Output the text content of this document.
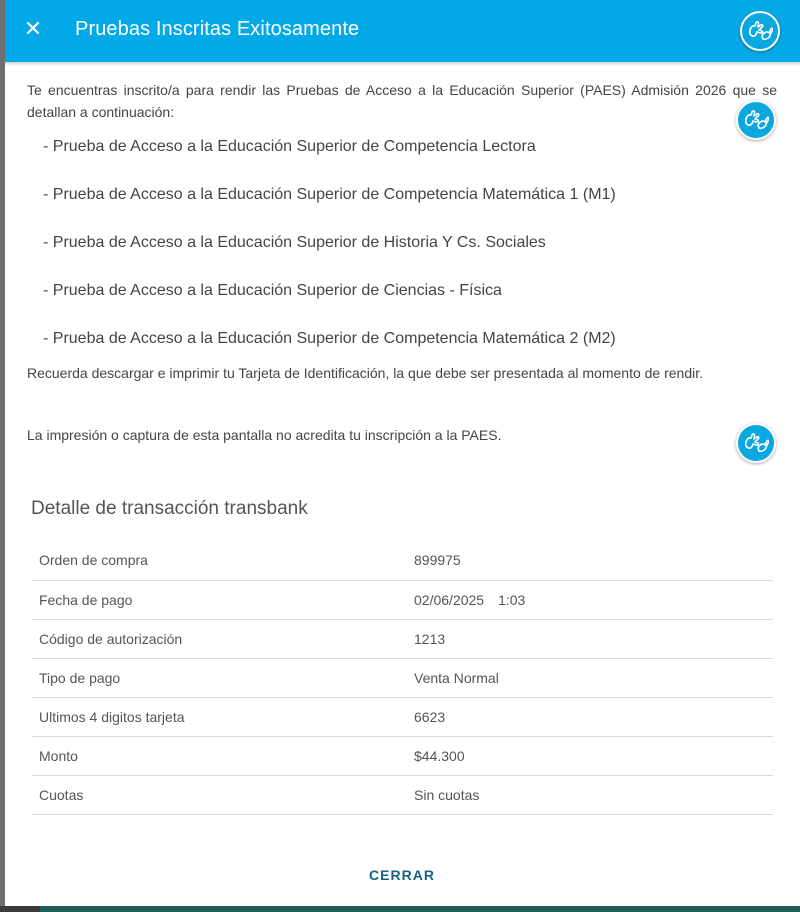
✕ Pruebas Inscritas Exitosamente
Te encuentras inscrito/a para rendir las Pruebas de Acceso a la Educación Superior (PAES) Admisión 2026 que se detallan a continuación:
- Prueba de Acceso a la Educación Superior de Competencia Lectora
- Prueba de Acceso a la Educación Superior de Competencia Matemática 1 (M1)
- Prueba de Acceso a la Educación Superior de Historia Y Cs. Sociales
- Prueba de Acceso a la Educación Superior de Ciencias - Física
- Prueba de Acceso a la Educación Superior de Competencia Matemática 2 (M2)
Recuerda descargar e imprimir tu Tarjeta de Identificación, la que debe ser presentada al momento de rendir.
La impresión o captura de esta pantalla no acredita tu inscripción a la PAES.
Detalle de transacción transbank
Orden de compra	899975
Fecha de pago	02/06/2025 1:03
Código de autorización	1213
Tipo de pago	Venta Normal
Ultimos 4 digitos tarjeta	6623
Monto	$44.300
Cuotas	Sin cuotas
CERRAR
